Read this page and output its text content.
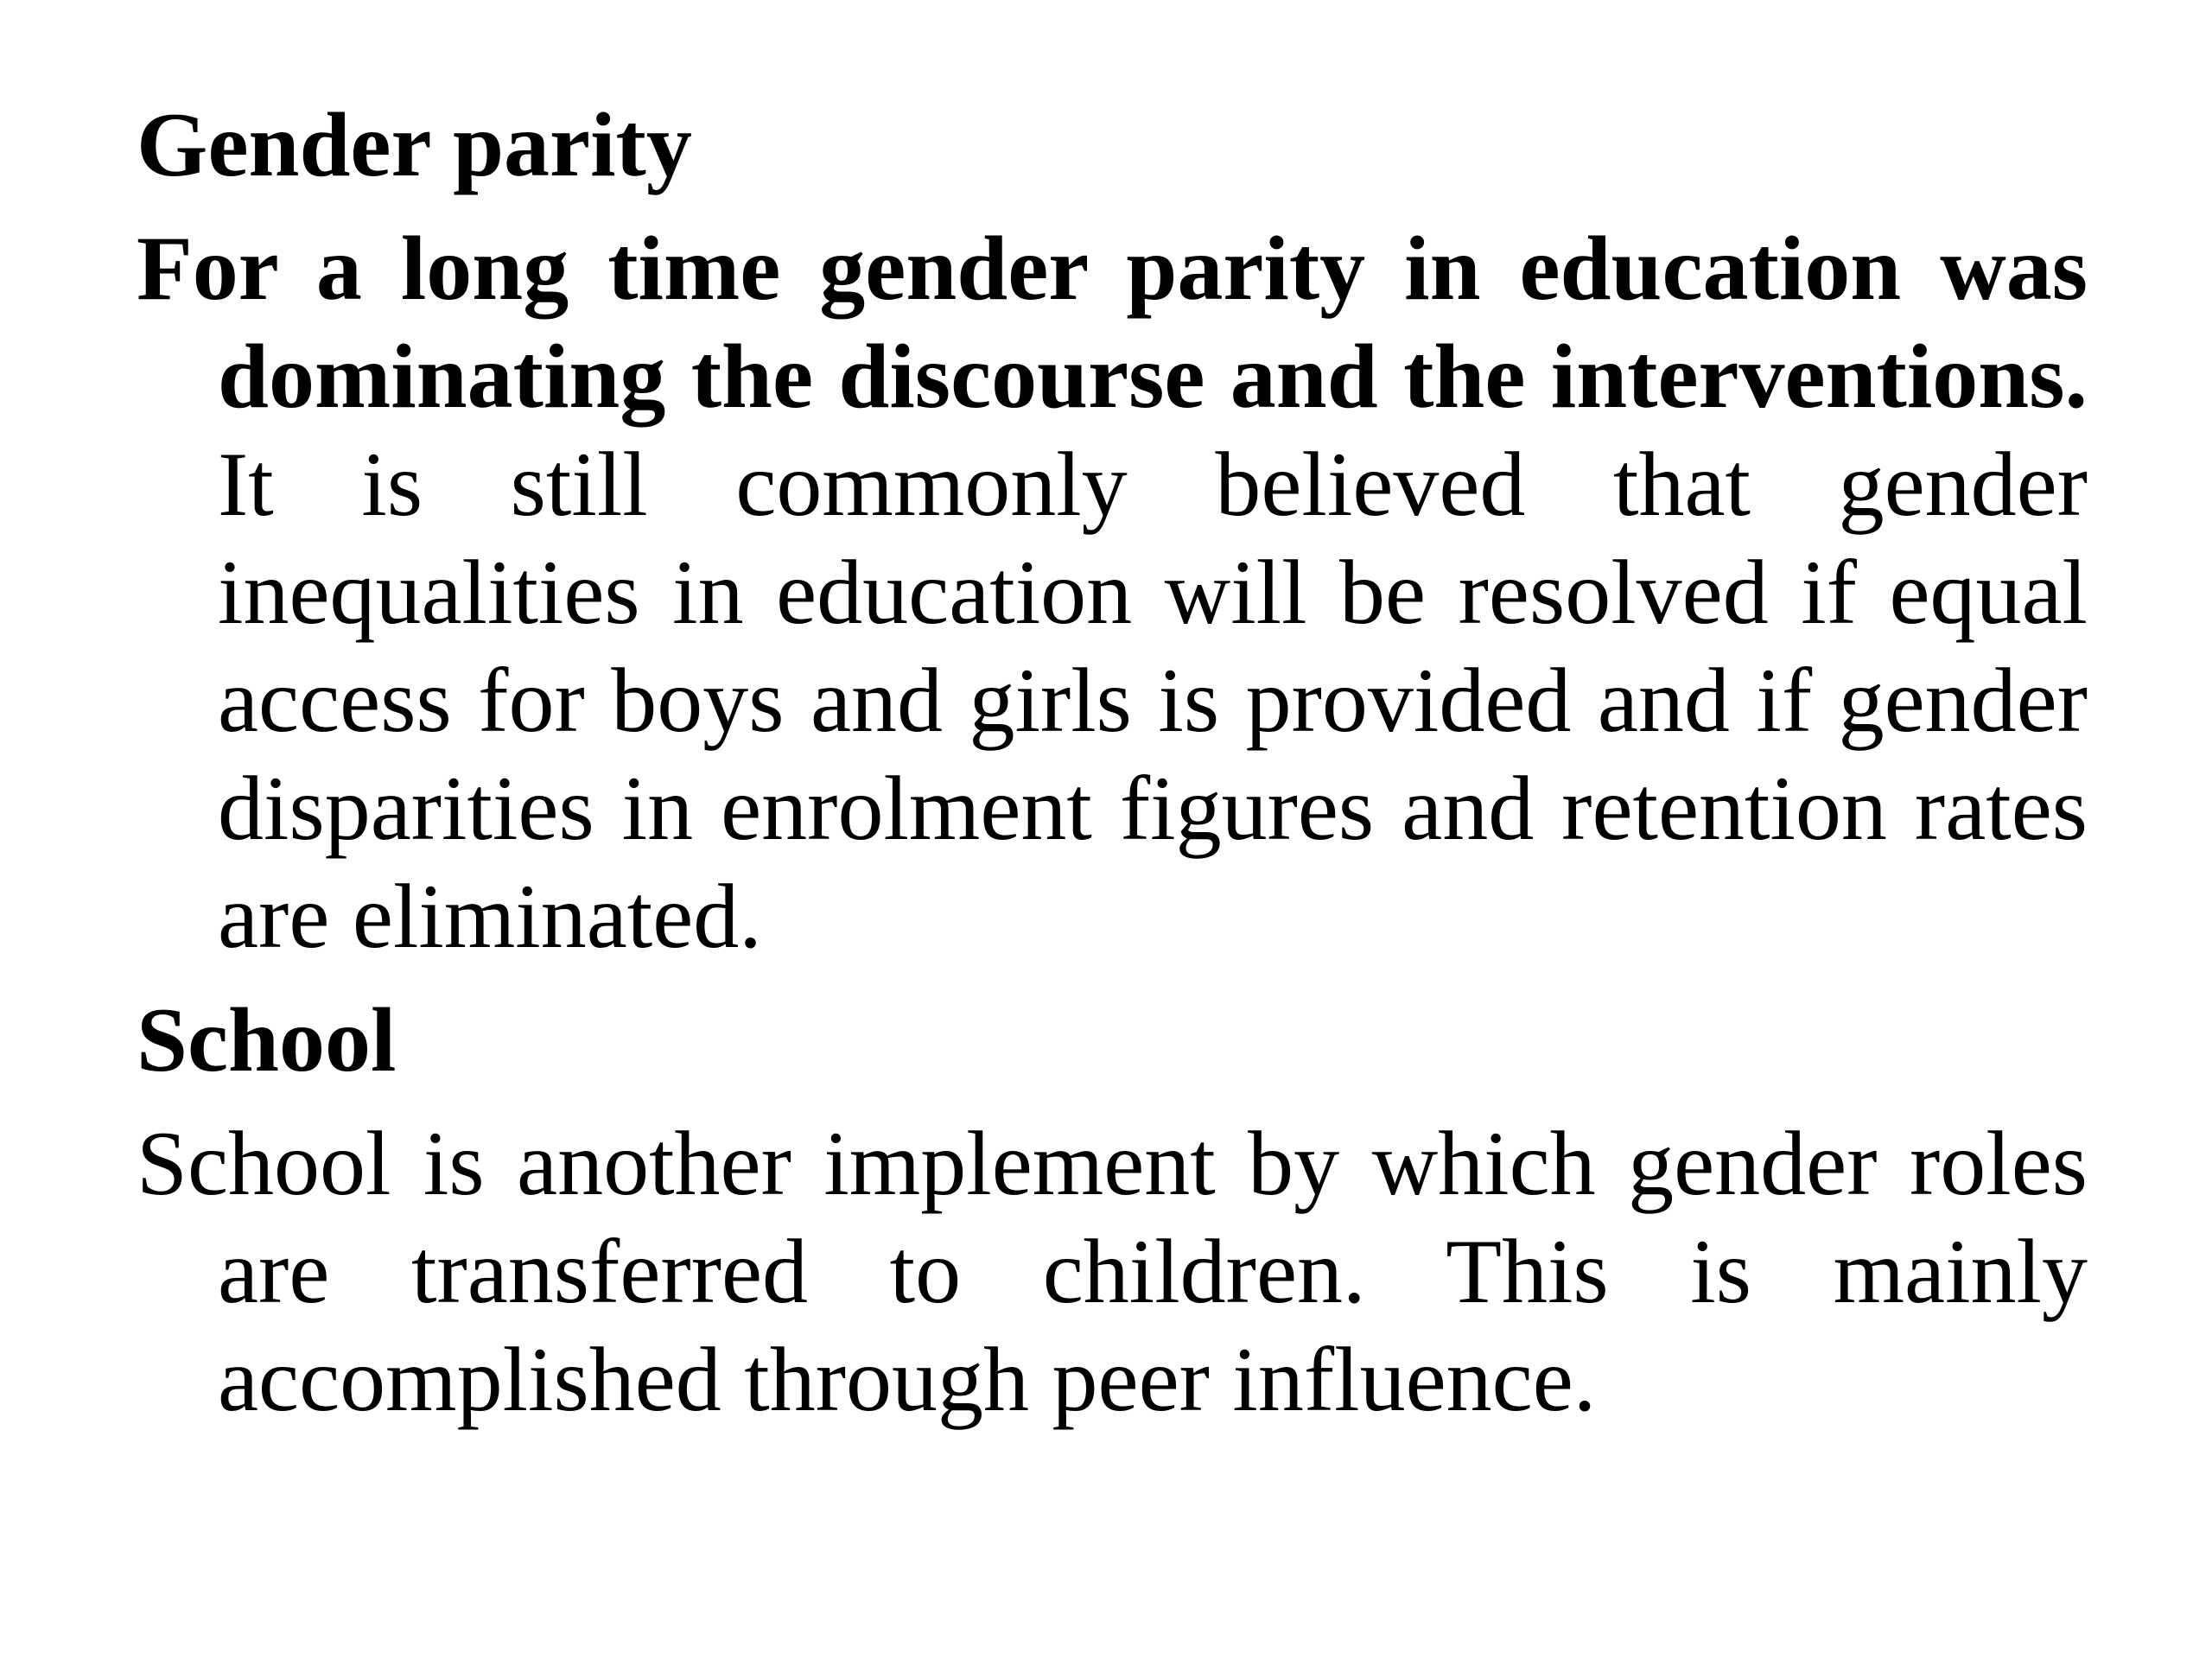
Gender parity

For a long time gender parity in education was dominating the discourse and the interventions. It is still commonly believed that gender inequalities in education will be resolved if equal access for boys and girls is provided and if gender disparities in enrolment figures and retention rates are eliminated.

School

School is another implement by which gender roles are transferred to children. This is mainly accomplished through peer influence.
